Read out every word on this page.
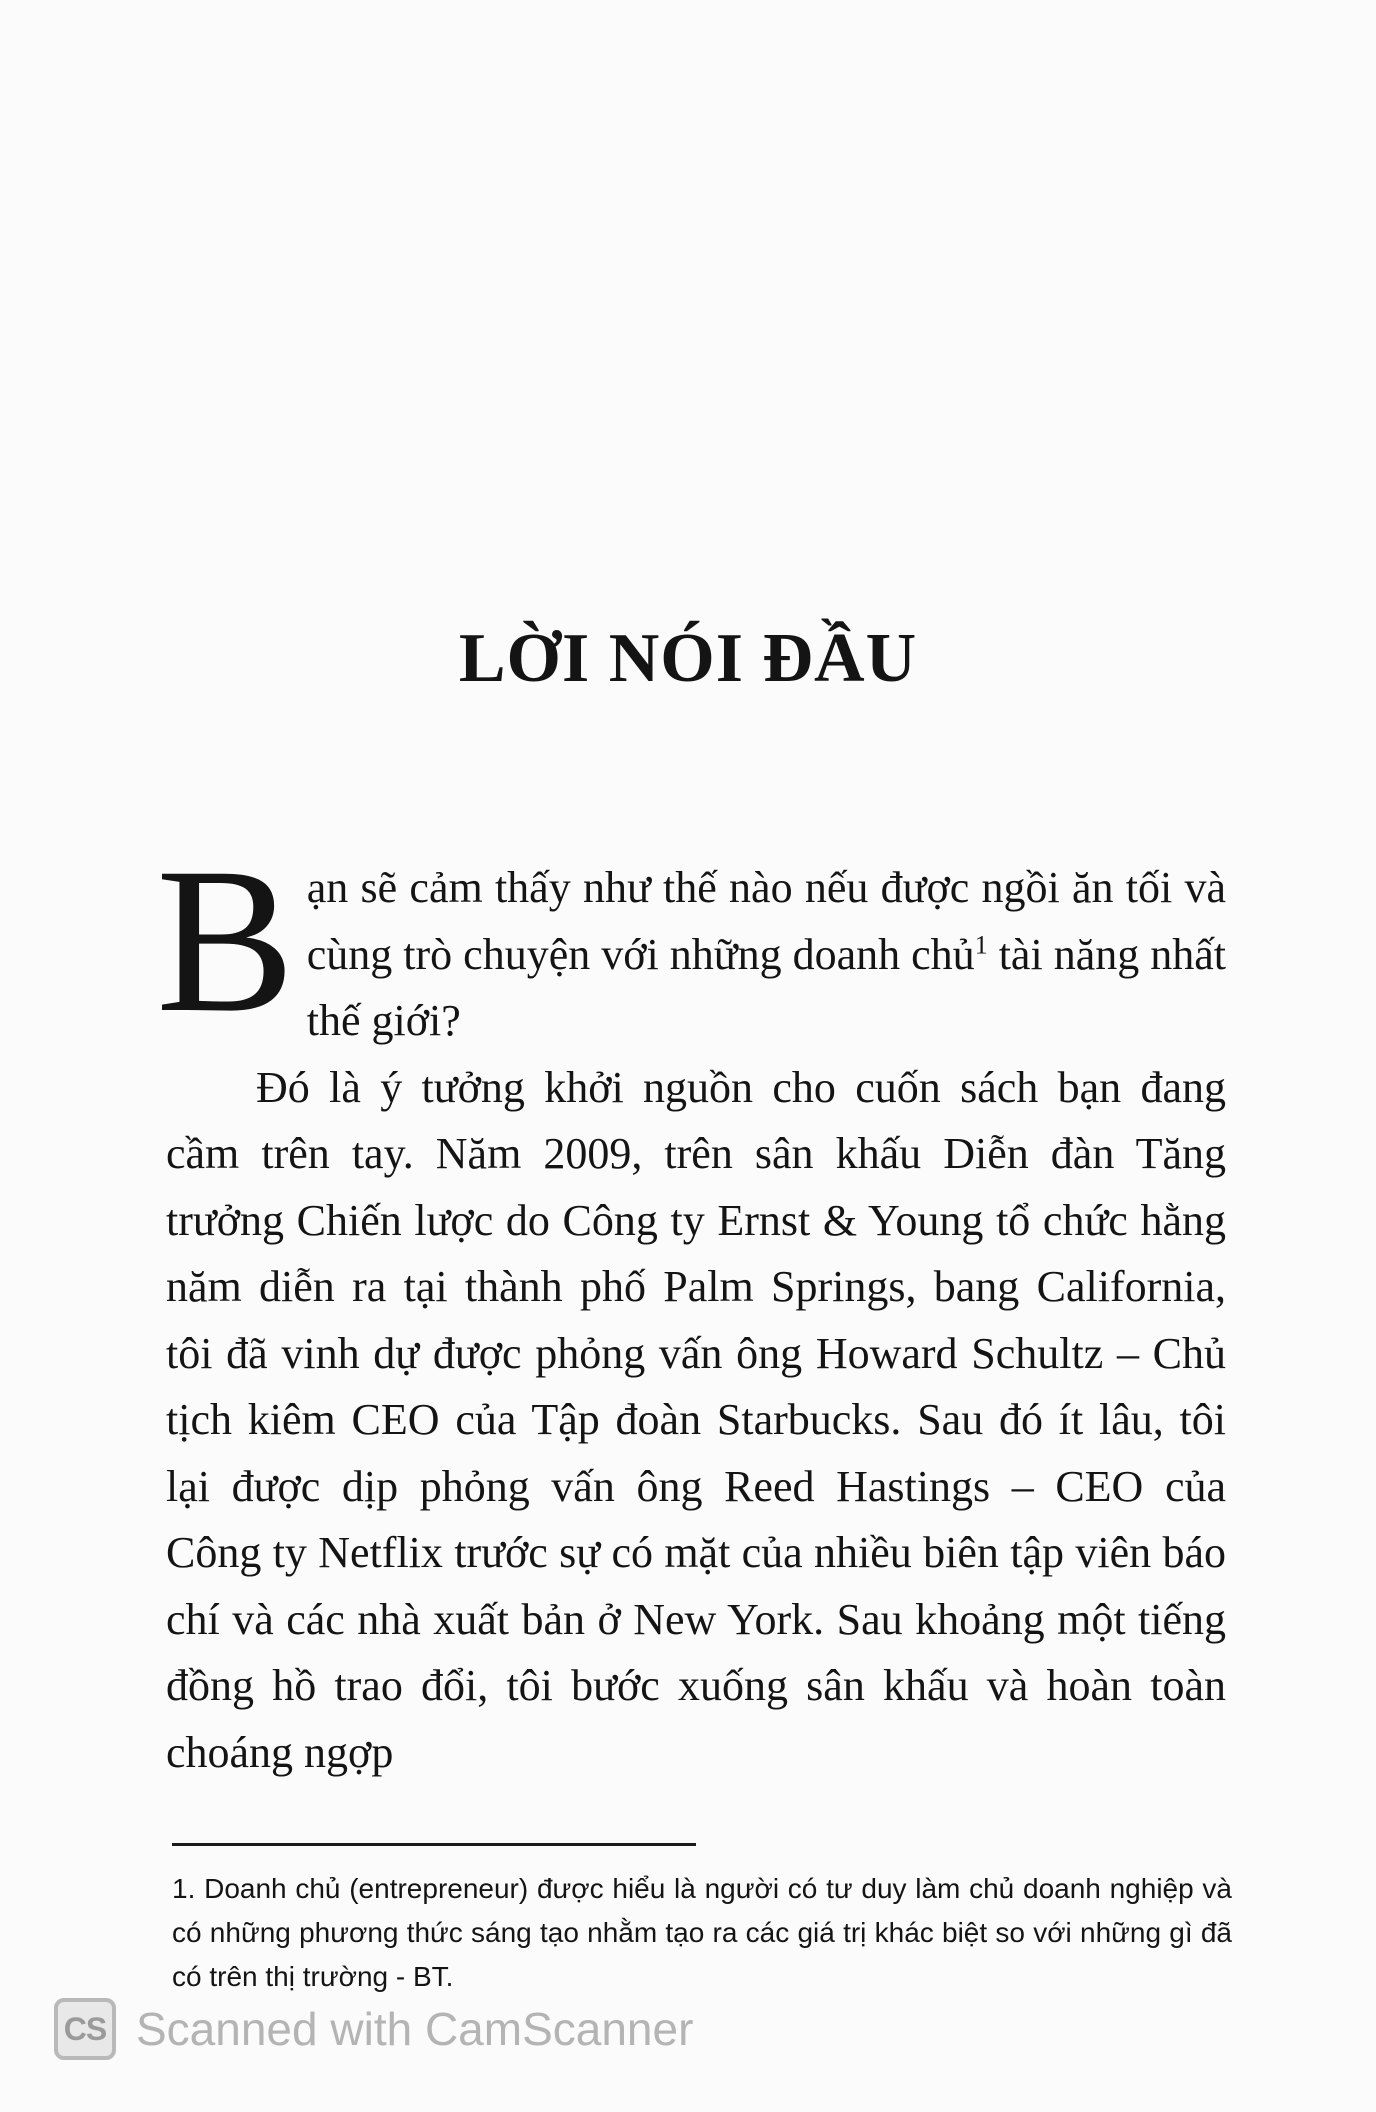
LỜI NÓI ĐẦU

Bạn sẽ cảm thấy như thế nào nếu được ngồi ăn tối và cùng trò chuyện với những doanh chủ$^1$ tài năng nhất thế giới?

Đó là ý tưởng khởi nguồn cho cuốn sách bạn đang cầm trên tay. Năm 2009, trên sân khấu Diễn đàn Tăng trưởng Chiến lược do Công ty Ernst & Young tổ chức hằng năm diễn ra tại thành phố Palm Springs, bang California, tôi đã vinh dự được phỏng vấn ông Howard Schultz – Chủ tịch kiêm CEO của Tập đoàn Starbucks. Sau đó ít lâu, tôi lại được dịp phỏng vấn ông Reed Hastings – CEO của Công ty Netflix trước sự có mặt của nhiều biên tập viên báo chí và các nhà xuất bản ở New York. Sau khoảng một tiếng đồng hồ trao đổi, tôi bước xuống sân khấu và hoàn toàn choáng ngợp

1. Doanh chủ (entrepreneur) được hiểu là người có tư duy làm chủ doanh nghiệp và có những phương thức sáng tạo nhằm tạo ra các giá trị khác biệt so với những gì đã có trên thị trường - BT.

CS Scanned with CamScanner
